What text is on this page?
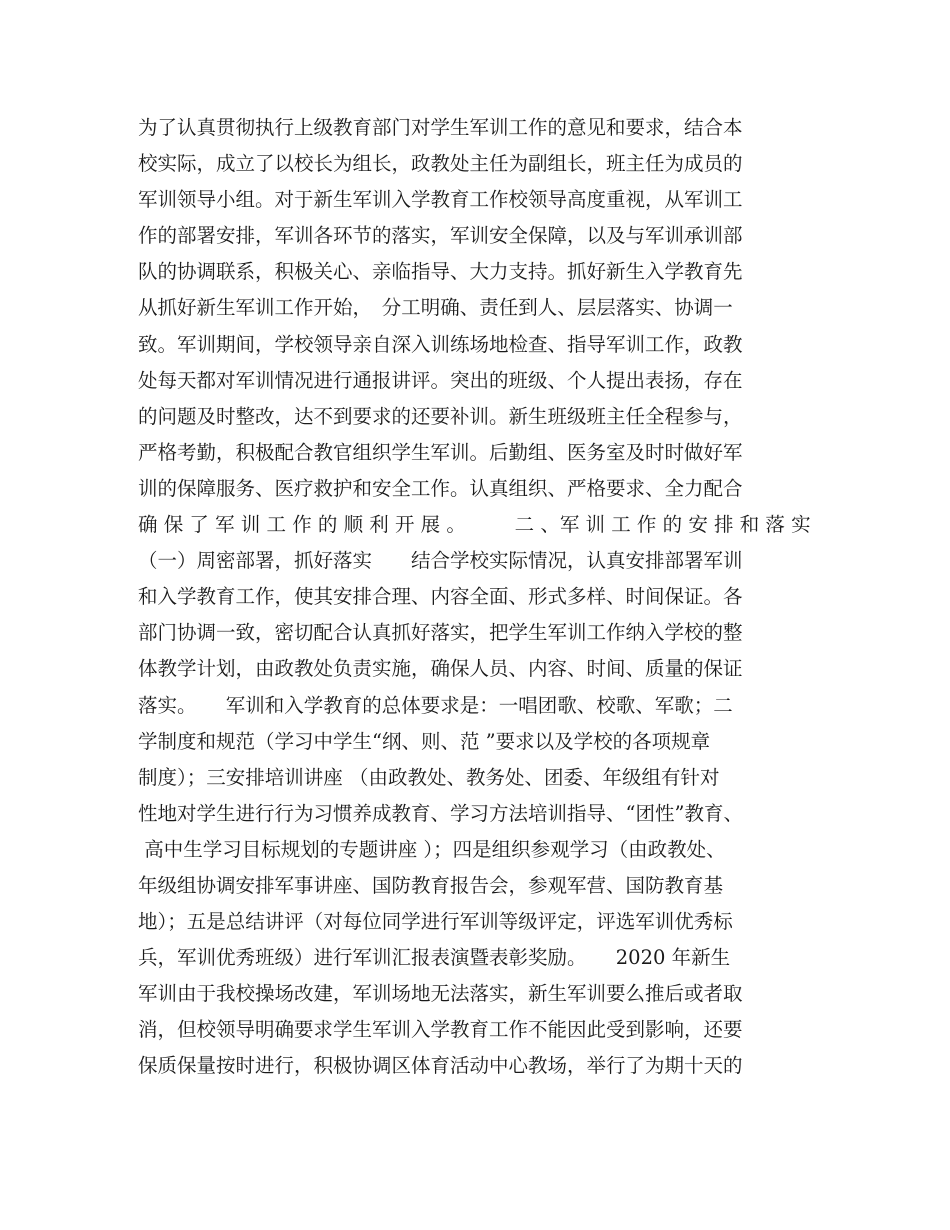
为了认真贯彻执行上级教育部门对学生军训工作的意见和要求，结合本
校实际，成立了以校长为组长，政教处主任为副组长，班主任为成员的
军训领导小组。对于新生军训入学教育工作校领导高度重视，从军训工
作的部署安排，军训各环节的落实，军训安全保障，以及与军训承训部
队的协调联系，积极关心、亲临指导、大力支持。抓好新生入学教育先
从抓好新生军训工作开始，　分工明确、责任到人、层层落实、协调一
致。军训期间，学校领导亲自深入训练场地检查、指导军训工作，政教
处每天都对军训情况进行通报讲评。突出的班级、个人提出表扬，存在
的问题及时整改，达不到要求的还要补训。新生班级班主任全程参与，
严格考勤，积极配合教官组织学生军训。后勤组、医务室及时时做好军
训的保障服务、医疗救护和安全工作。认真组织、严格要求、全力配合
确 保 了 军 训 工 作 的 顺 利 开 展 。　　　二 、军 训 工 作 的 安 排 和 落 实
（一）周密部署，抓好落实　　结合学校实际情况，认真安排部署军训
和入学教育工作，使其安排合理、内容全面、形式多样、时间保证。各
部门协调一致，密切配合认真抓好落实，把学生军训工作纳入学校的整
体教学计划，由政教处负责实施，确保人员、内容、时间、质量的保证
落实。　　军训和入学教育的总体要求是：一唱团歌、校歌、军歌；二
学制度和规范（学习中学生“纲、则、范 ”要求以及学校的各项规章
制度）；三安排培训讲座 （由政教处、教务处、团委、年级组有针对
性地对学生进行行为习惯养成教育、学习方法培训指导、“团性”教育、
高中生学习目标规划的专题讲座 ）；四是组织参观学习（由政教处、
年级组协调安排军事讲座、国防教育报告会，参观军营、国防教育基
地）；五是总结讲评（对每位同学进行军训等级评定，评选军训优秀标
兵，军训优秀班级）进行军训汇报表演暨表彰奖励。　　2020 年新生
军训由于我校操场改建，军训场地无法落实，新生军训要么推后或者取
消，但校领导明确要求学生军训入学教育工作不能因此受到影响，还要
保质保量按时进行，积极协调区体育活动中心教场，举行了为期十天的
